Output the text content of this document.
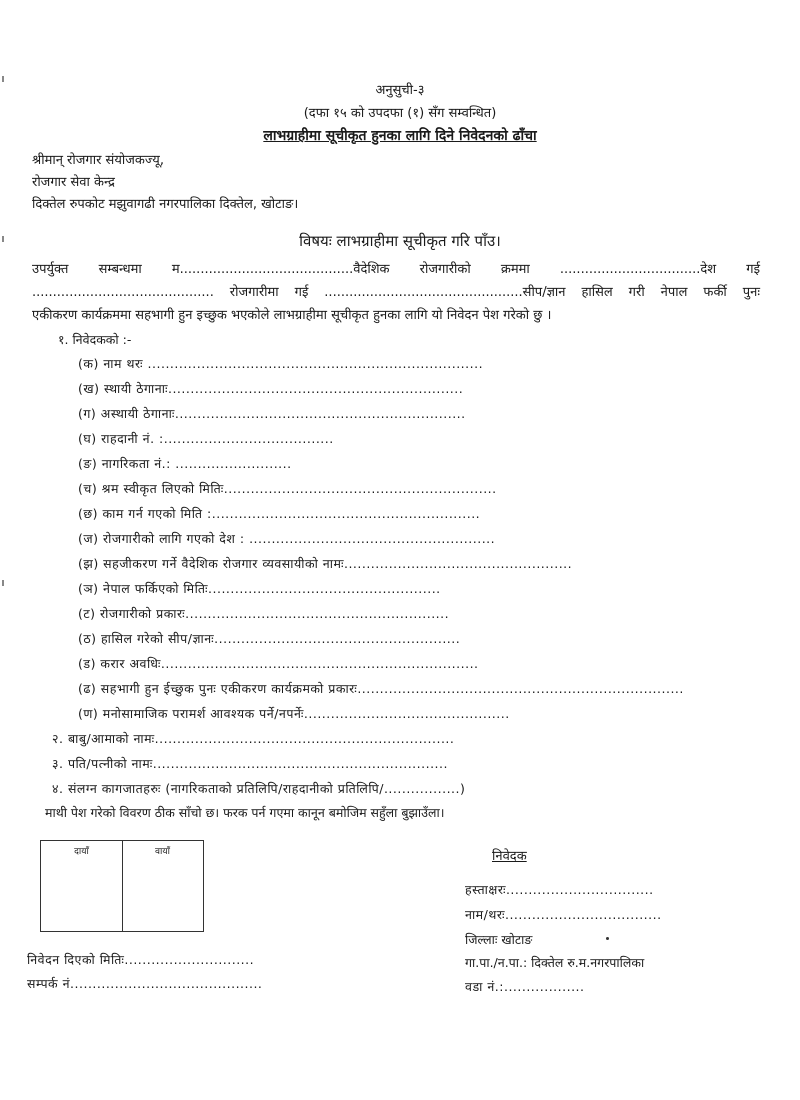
अनुसुची-३
(दफा १५ को उपदफा (१) सँग सम्वन्धित)
लाभग्राहीमा सूचीकृत हुनका लागि दिने निवेदनको ढाँचा
श्रीमान् रोजगार संयोजकज्यू,
रोजगार सेवा केन्द्र
दिक्तेल रुपकोट मझुवागढी नगरपालिका दिक्तेल, खोटाङ।
विषयः लाभग्राहीमा सूचीकृत गरि पाँउ।
उपर्युक्त सम्बन्धमा म..........................................वैदेशिक रोजगारीको क्रममा ..................................देश गई
............................................ रोजगारीमा गई ................................................सीप/ज्ञान हासिल गरी नेपाल फर्की पुनः
एकीकरण कार्यक्रममा सहभागी हुन इच्छुक भएकोले लाभग्राहीमा सूचीकृत हुनका लागि यो निवेदन पेश गरेको छु ।
१. निवेदकको :-
(क) नाम थरः ...........................................................................
(ख) स्थायी ठेगानाः..................................................................
(ग) अस्थायी ठेगानाः.................................................................
(घ) राहदानी नं. :......................................
(ङ) नागरिकता नं.: ..........................
(च) श्रम स्वीकृत लिएको मितिः.............................................................
(छ) काम गर्न गएको मिति :............................................................
(ज) रोजगारीको लागि गएको देश : .......................................................
(झ) सहजीकरण गर्ने वैदेशिक रोजगार व्यवसायीको नामः...................................................
(ञ) नेपाल फर्किएको मितिः....................................................
(ट) रोजगारीको प्रकारः...........................................................
(ठ) हासिल गरेको सीप/ज्ञानः.......................................................
(ड) करार अवधिः.......................................................................
(ढ) सहभागी हुन ईच्छुक पुनः एकीकरण कार्यक्रमको प्रकारः.........................................................................
(ण) मनोसामाजिक परामर्श आवश्यक पर्ने/नपर्नेः..............................................
२. बाबु/आमाको नामः...................................................................
३. पति/पत्नीको नामः..................................................................
४. संलग्न कागजातहरुः (नागरिकताको प्रतिलिपि/राहदानीको प्रतिलिपि/.................)
माथी पेश गरेको विवरण ठीक साँचो छ। फरक पर्न गएमा कानून बमोजिम सहुँला बुझाउँला।
दायाँ	वायाँ	निवेदक
हस्ताक्षरः.................................
नाम/थरः...................................
जिल्लाः खोटाङ
गा.पा./न.पा.: दिक्तेल रु.म.नगरपालिका
वडा नं.:..................
निवेदन दिएको मितिः.............................
सम्पर्क नं...........................................
